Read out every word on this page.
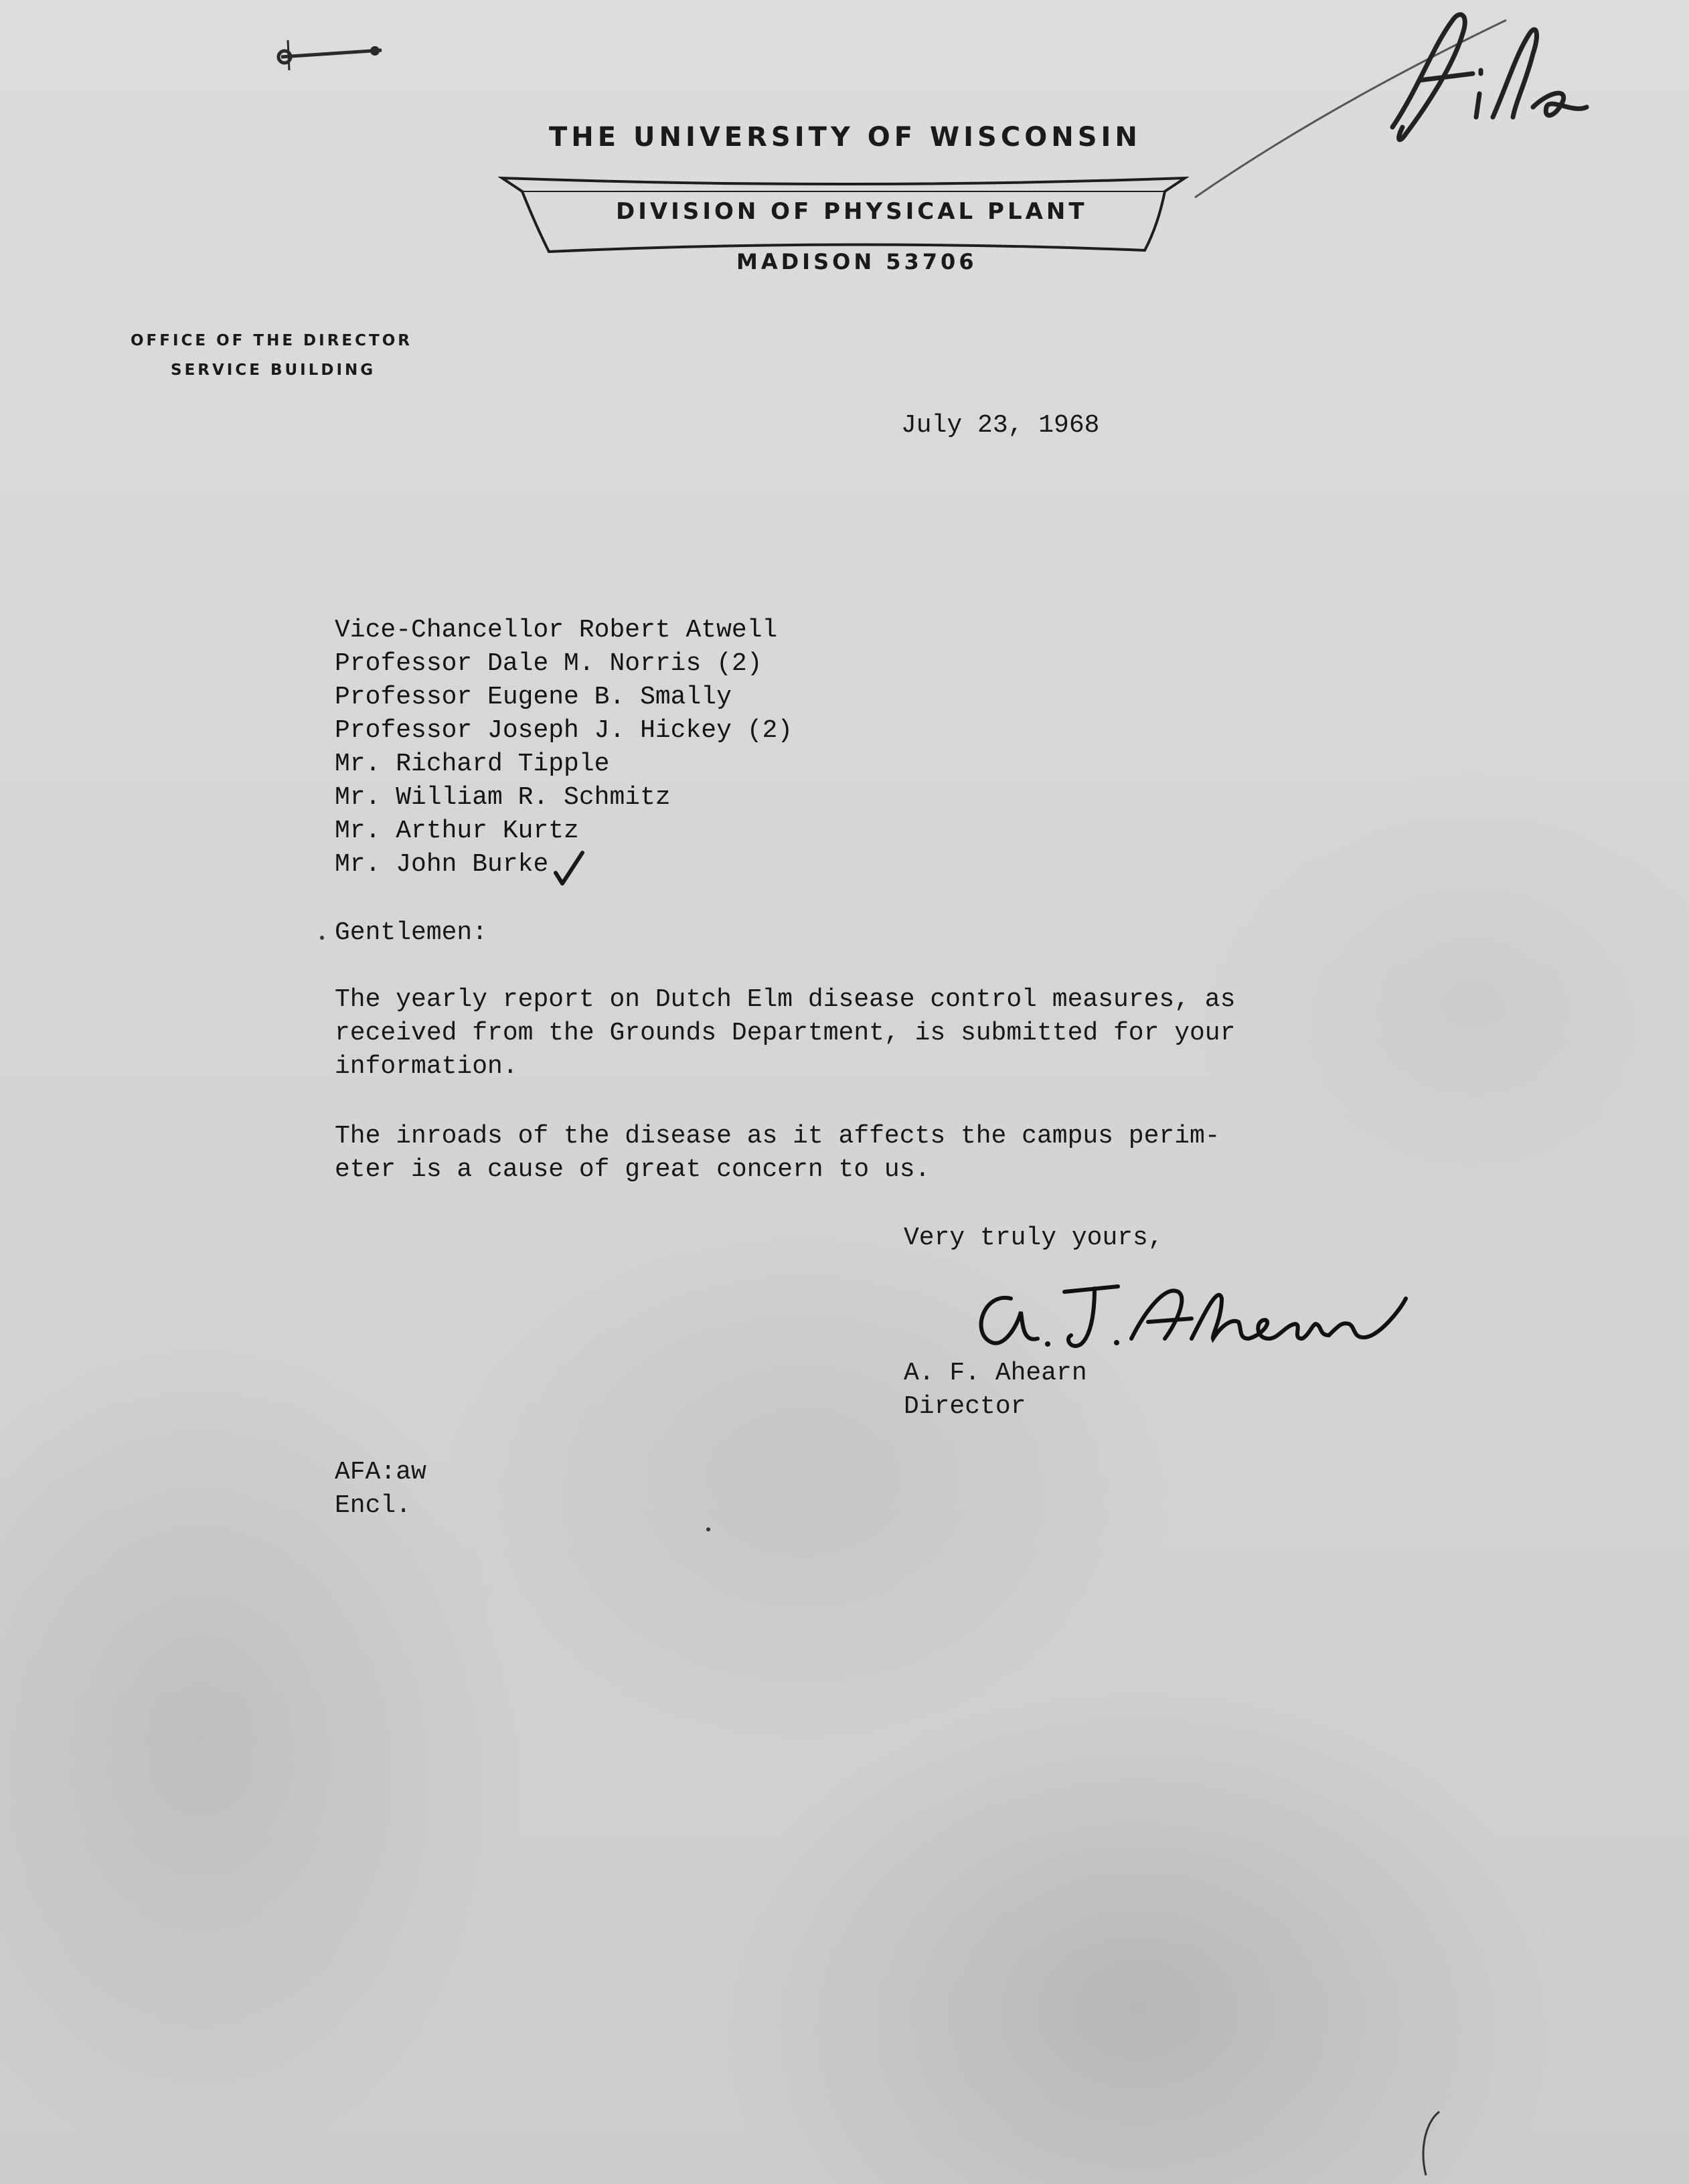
THE UNIVERSITY OF WISCONSIN
DIVISION OF PHYSICAL PLANT
MADISON 53706
OFFICE OF THE DIRECTOR
SERVICE BUILDING
July 23, 1968
Vice-Chancellor Robert Atwell
Professor Dale M. Norris (2)
Professor Eugene B. Smally
Professor Joseph J. Hickey (2)
Mr. Richard Tipple
Mr. William R. Schmitz
Mr. Arthur Kurtz
Mr. John Burke
Gentlemen:
The yearly report on Dutch Elm disease control measures, as
received from the Grounds Department, is submitted for your
information.
The inroads of the disease as it affects the campus perim-
eter is a cause of great concern to us.
Very truly yours,
A. F. Ahearn
Director
AFA:aw
Encl.
